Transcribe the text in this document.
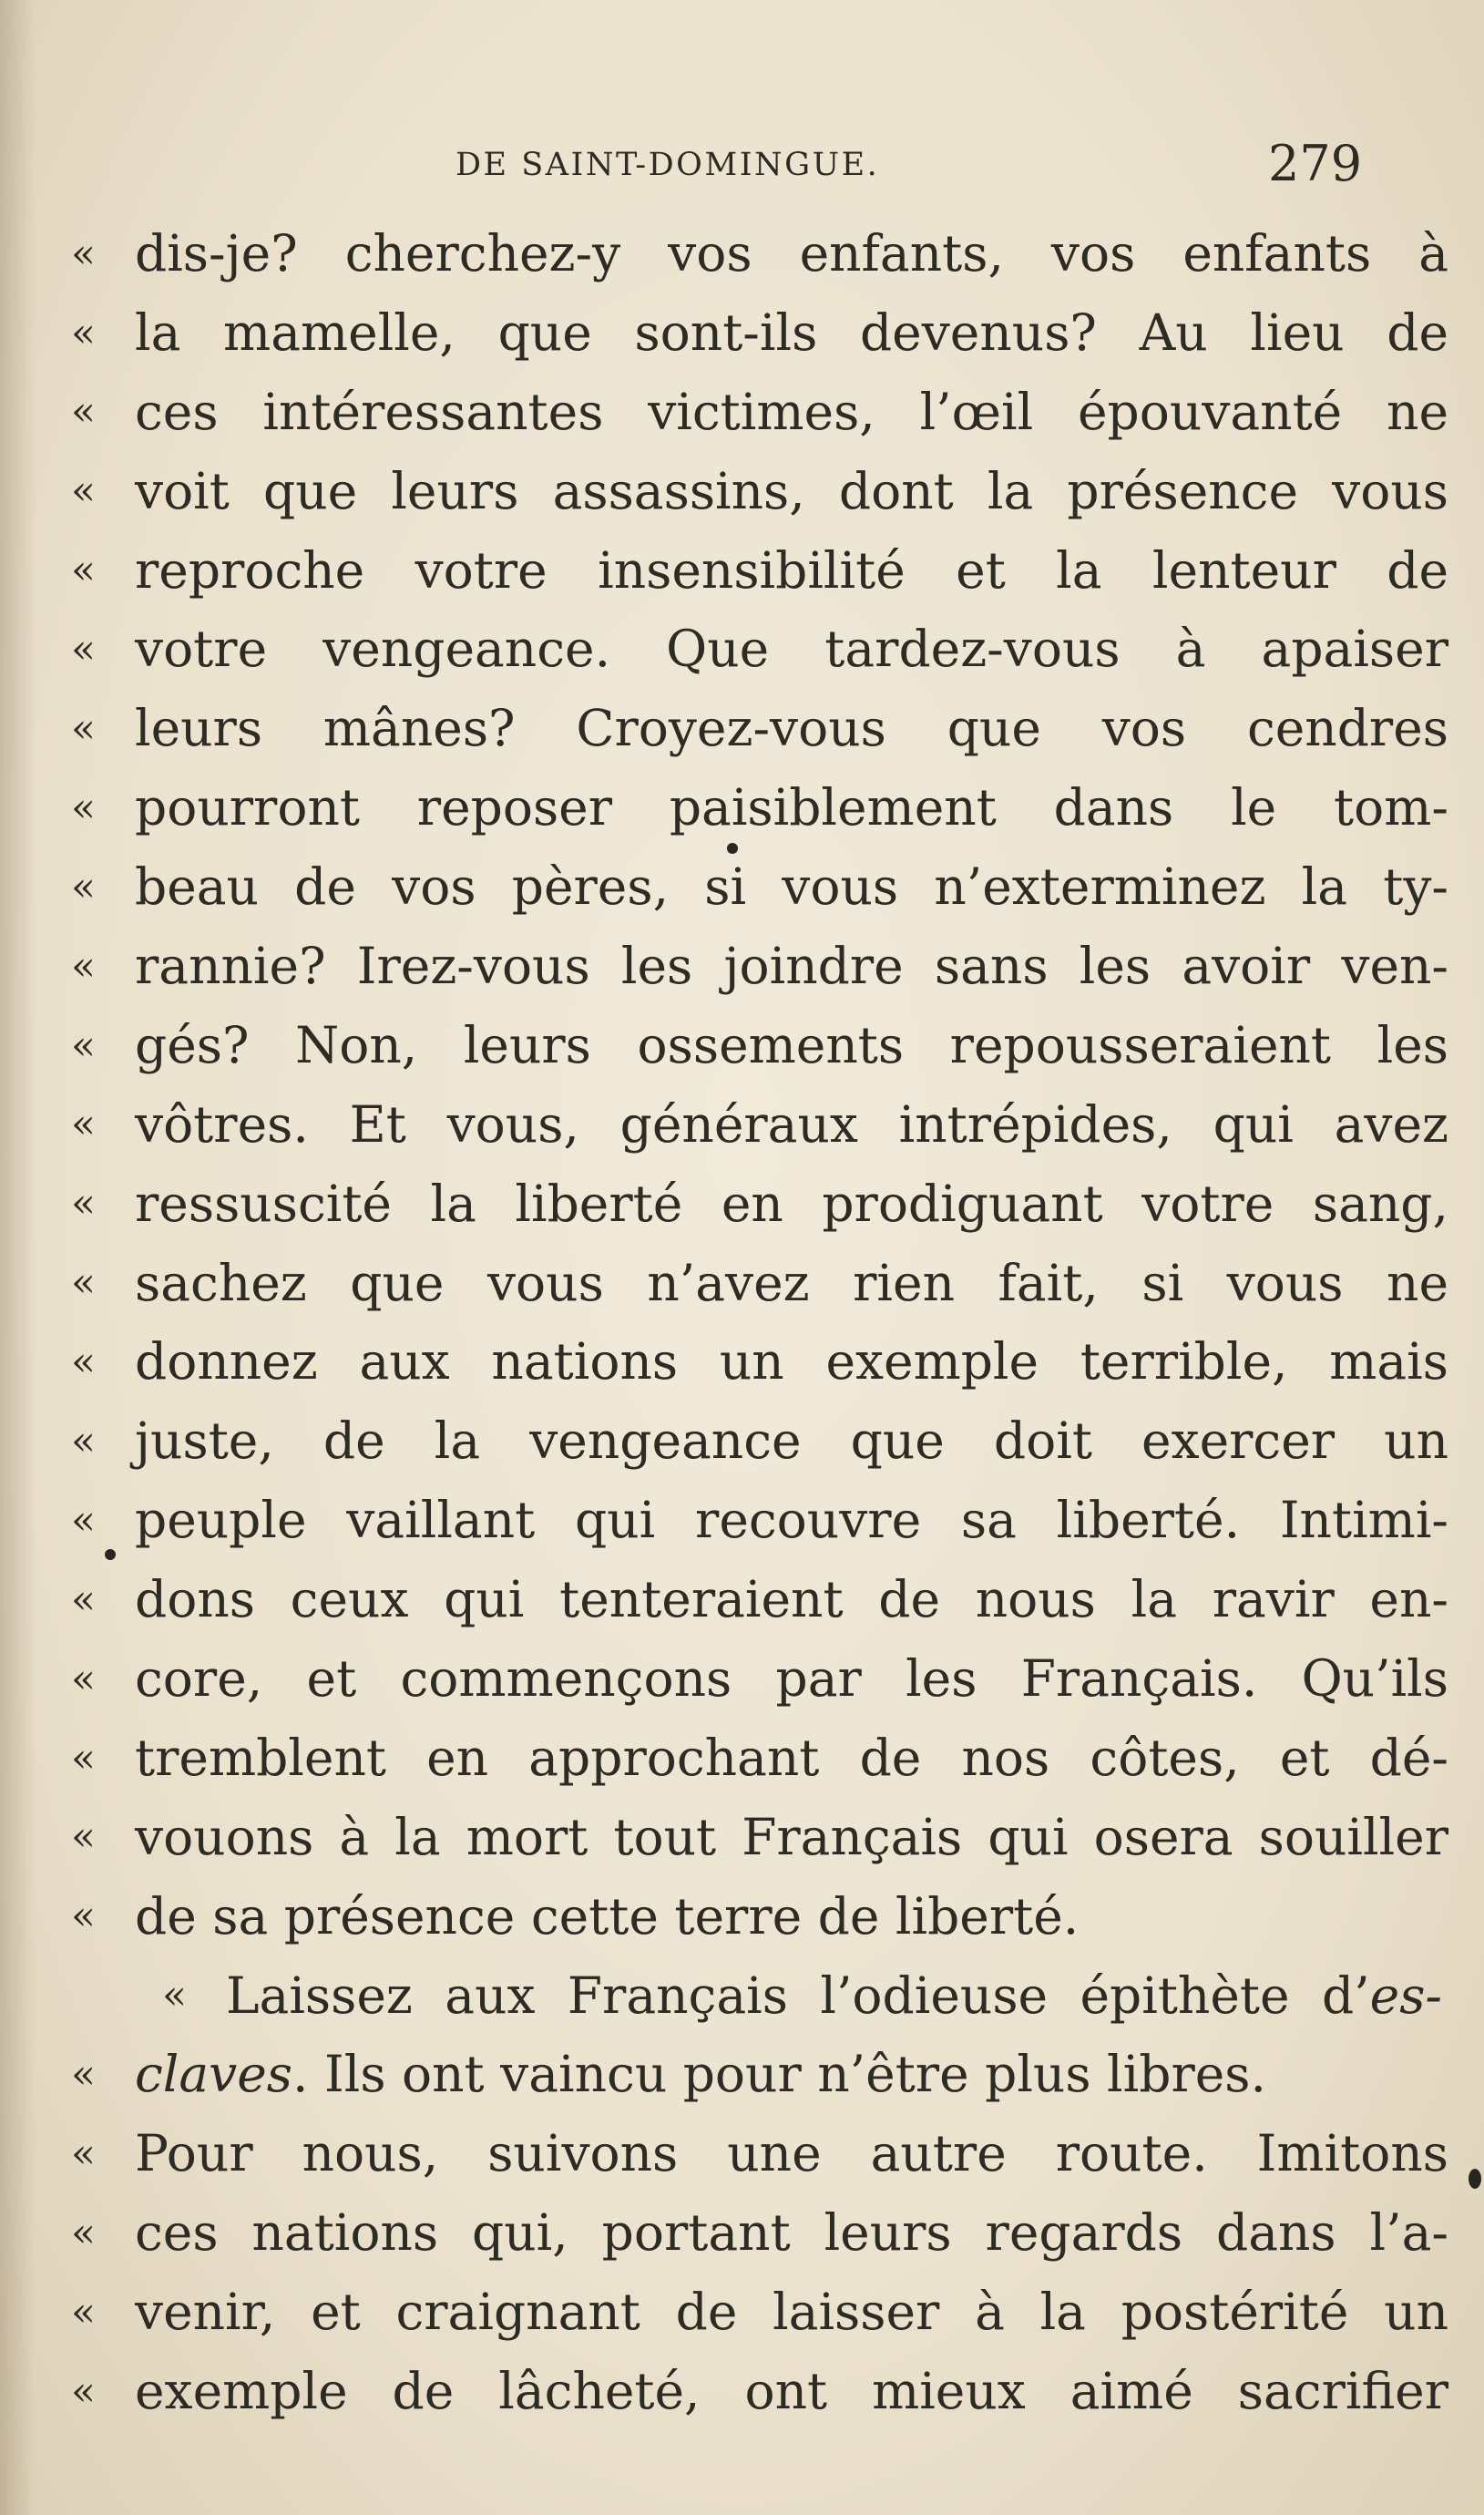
DE SAINT-DOMINGUE.	279
« dis-je? cherchez-y vos enfants, vos enfants à
« la mamelle, que sont-ils devenus? Au lieu de
« ces intéressantes victimes, l’œil épouvanté ne
« voit que leurs assassins, dont la présence vous
« reproche votre insensibilité et la lenteur de
« votre vengeance. Que tardez-vous à apaiser
« leurs mânes? Croyez-vous que vos cendres
« pourront reposer paisiblement dans le tom-
« beau de vos pères, si vous n’exterminez la ty-
« rannie? Irez-vous les joindre sans les avoir ven-
« gés? Non, leurs ossements repousseraient les
« vôtres. Et vous, généraux intrépides, qui avez
« ressuscité la liberté en prodiguant votre sang,
« sachez que vous n’avez rien fait, si vous ne
« donnez aux nations un exemple terrible, mais
« juste, de la vengeance que doit exercer un
« peuple vaillant qui recouvre sa liberté. Intimi-
« dons ceux qui tenteraient de nous la ravir en-
« core, et commençons par les Français. Qu’ils
« tremblent en approchant de nos côtes, et dé-
« vouons à la mort tout Français qui osera souiller
« de sa présence cette terre de liberté.
« Laissez aux Français l’odieuse épithète d’es-
« claves. Ils ont vaincu pour n’être plus libres.
« Pour nous, suivons une autre route. Imitons
« ces nations qui, portant leurs regards dans l’a-
« venir, et craignant de laisser à la postérité un
« exemple de lâcheté, ont mieux aimé sacrifier
